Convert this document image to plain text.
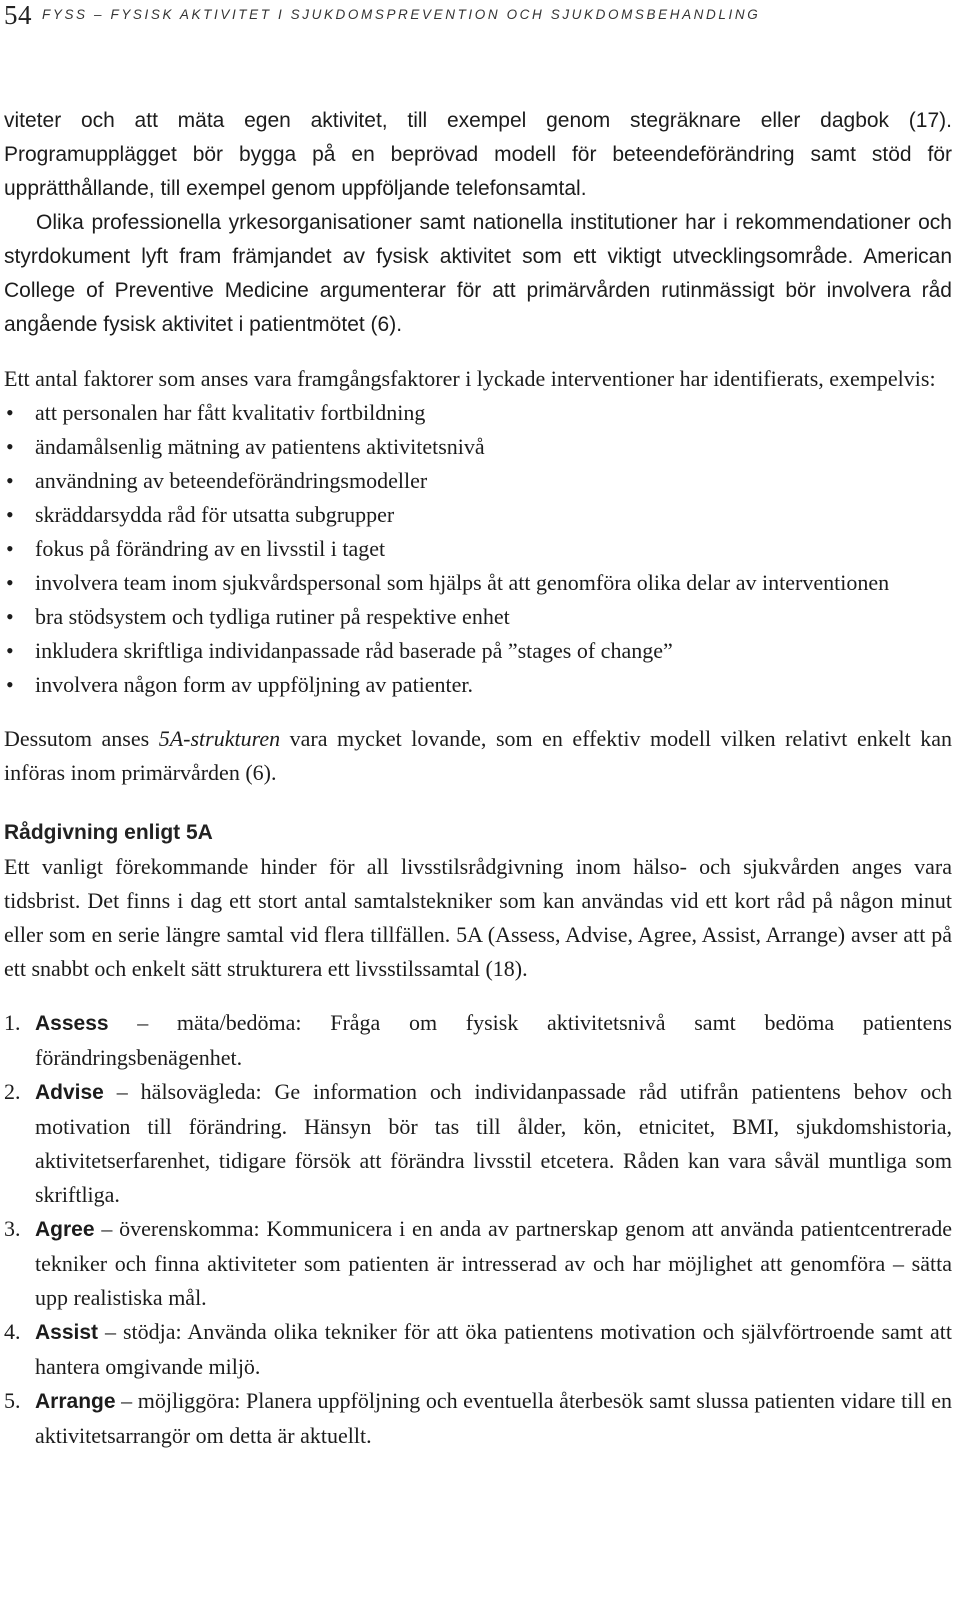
54 FYSS – FYSISK AKTIVITET I SJUKDOMSPREVENTION OCH SJUKDOMSBEHANDLING

viteter och att mäta egen aktivitet, till exempel genom stegräknare eller dagbok (17). Programupplägget bör bygga på en beprövad modell för beteendeförändring samt stöd för upprätthållande, till exempel genom uppföljande telefonsamtal.

Olika professionella yrkesorganisationer samt nationella institutioner har i rekommendationer och styrdokument lyft fram främjandet av fysisk aktivitet som ett viktigt utvecklingsområde. American College of Preventive Medicine argumenterar för att primärvården rutinmässigt bör involvera råd angående fysisk aktivitet i patientmötet (6).

Ett antal faktorer som anses vara framgångsfaktorer i lyckade interventioner har identifierats, exempelvis:

• att personalen har fått kvalitativ fortbildning
• ändamålsenlig mätning av patientens aktivitetsnivå
• användning av beteendeförändringsmodeller
• skräddarsydda råd för utsatta subgrupper
• fokus på förändring av en livsstil i taget
• involvera team inom sjukvårdspersonal som hjälps åt att genomföra olika delar av interventionen
• bra stödsystem och tydliga rutiner på respektive enhet
• inkludera skriftliga individanpassade råd baserade på ”stages of change”
• involvera någon form av uppföljning av patienter.

Dessutom anses 5A-strukturen vara mycket lovande, som en effektiv modell vilken relativt enkelt kan införas inom primärvården (6).

Rådgivning enligt 5A

Ett vanligt förekommande hinder för all livsstilsrådgivning inom hälso- och sjukvården anges vara tidsbrist. Det finns i dag ett stort antal samtalstekniker som kan användas vid ett kort råd på någon minut eller som en serie längre samtal vid flera tillfällen. 5A (Assess, Advise, Agree, Assist, Arrange) avser att på ett snabbt och enkelt sätt strukturera ett livsstilssamtal (18).

1. Assess – mäta/bedöma: Fråga om fysisk aktivitetsnivå samt bedöma patientens förändringsbenägenhet.
2. Advise – hälsovägleda: Ge information och individanpassade råd utifrån patientens behov och motivation till förändring. Hänsyn bör tas till ålder, kön, etnicitet, BMI, sjukdomshistoria, aktivitetserfarenhet, tidigare försök att förändra livsstil etcetera. Råden kan vara såväl muntliga som skriftliga.
3. Agree – överenskomma: Kommunicera i en anda av partnerskap genom att använda patientcentrerade tekniker och finna aktiviteter som patienten är intresserad av och har möjlighet att genomföra – sätta upp realistiska mål.
4. Assist – stödja: Använda olika tekniker för att öka patientens motivation och självförtroende samt att hantera omgivande miljö.
5. Arrange – möjliggöra: Planera uppföljning och eventuella återbesök samt slussa patienten vidare till en aktivitetsarrangör om detta är aktuellt.
